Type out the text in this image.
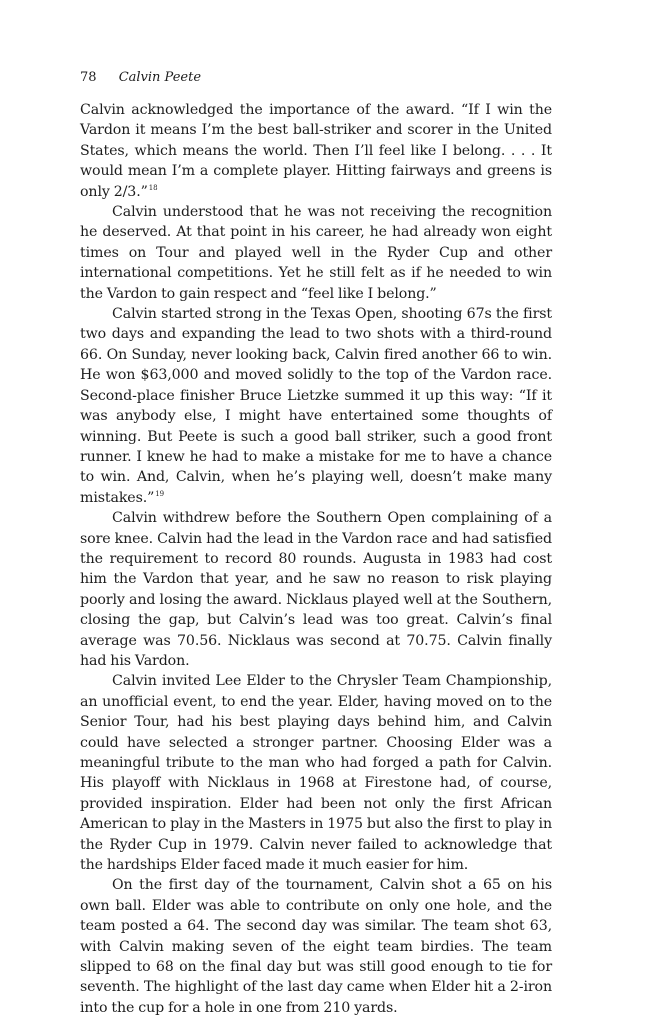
78 Calvin Peete

Calvin acknowledged the importance of the award. “If I win the Vardon it means I’m the best ball-striker and scorer in the United States, which means the world. Then I’ll feel like I belong. . . . It would mean I’m a complete player. Hitting fairways and greens is only 2/3.”$^{18}$

Calvin understood that he was not receiving the recognition he deserved. At that point in his career, he had already won eight times on Tour and played well in the Ryder Cup and other international competitions. Yet he still felt as if he needed to win the Vardon to gain respect and “feel like I belong.”

Calvin started strong in the Texas Open, shooting 67s the first two days and expanding the lead to two shots with a third-round 66. On Sunday, never looking back, Calvin fired another 66 to win. He won $63,000 and moved solidly to the top of the Vardon race. Second-place finisher Bruce Lietzke summed it up this way: “If it was anybody else, I might have entertained some thoughts of winning. But Peete is such a good ball striker, such a good front runner. I knew he had to make a mistake for me to have a chance to win. And, Calvin, when he’s playing well, doesn’t make many mistakes.”$^{19}$

Calvin withdrew before the Southern Open complaining of a sore knee. Calvin had the lead in the Vardon race and had satisfied the requirement to record 80 rounds. Augusta in 1983 had cost him the Vardon that year, and he saw no reason to risk playing poorly and losing the award. Nicklaus played well at the Southern, closing the gap, but Calvin’s lead was too great. Calvin’s final average was 70.56. Nicklaus was second at 70.75. Calvin finally had his Vardon.

Calvin invited Lee Elder to the Chrysler Team Championship, an unofficial event, to end the year. Elder, having moved on to the Senior Tour, had his best playing days behind him, and Calvin could have selected a stronger partner. Choosing Elder was a meaningful tribute to the man who had forged a path for Calvin. His playoff with Nicklaus in 1968 at Firestone had, of course, provided inspiration. Elder had been not only the first African American to play in the Masters in 1975 but also the first to play in the Ryder Cup in 1979. Calvin never failed to acknowledge that the hardships Elder faced made it much easier for him.

On the first day of the tournament, Calvin shot a 65 on his own ball. Elder was able to contribute on only one hole, and the team posted a 64. The second day was similar. The team shot 63, with Calvin making seven of the eight team birdies. The team slipped to 68 on the final day but was still good enough to tie for seventh. The highlight of the last day came when Elder hit a 2-iron into the cup for a hole in one from 210 yards.
